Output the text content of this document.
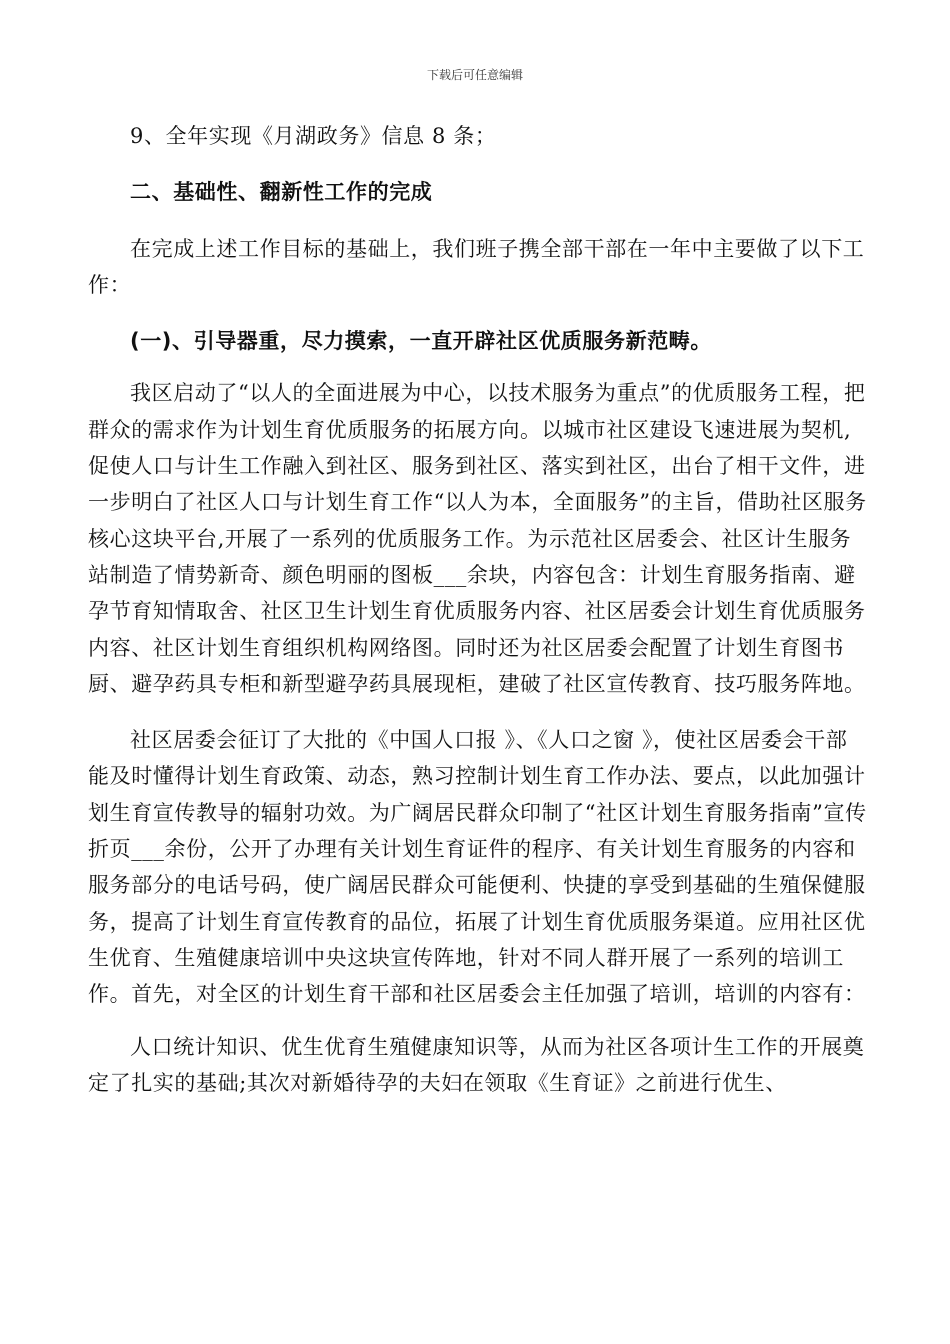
下载后可任意编辑

9、全年实现《月湖政务》信息 8 条；

二、基础性、翻新性工作的完成

在完成上述工作目标的基础上，我们班子携全部干部在一年中主要做了以下工作：

(一)、引导器重，尽力摸索，一直开辟社区优质服务新范畴。

我区启动了“以人的全面进展为中心，以技术服务为重点”的优质服务工程，把群众的需求作为计划生育优质服务的拓展方向。以城市社区建设飞速进展为契机,促使人口与计生工作融入到社区、服务到社区、落实到社区，出台了相干文件，进一步明白了社区人口与计划生育工作“以人为本，全面服务”的主旨，借助社区服务核心这块平台,开展了一系列的优质服务工作。为示范社区居委会、社区计生服务站制造了情势新奇、颜色明丽的图板___余块，内容包含：计划生育服务指南、避孕节育知情取舍、社区卫生计划生育优质服务内容、社区居委会计划生育优质服务内容、社区计划生育组织机构网络图。同时还为社区居委会配置了计划生育图书厨、避孕药具专柜和新型避孕药具展现柜，建破了社区宣传教育、技巧服务阵地。

社区居委会征订了大批的《中国人口报 》、《人口之窗 》，使社区居委会干部能及时懂得计划生育政策、动态，熟习控制计划生育工作办法、要点，以此加强计划生育宣传教导的辐射功效。为广阔居民群众印制了“社区计划生育服务指南”宣传折页___余份，公开了办理有关计划生育证件的程序、有关计划生育服务的内容和服务部分的电话号码，使广阔居民群众可能便利、快捷的享受到基础的生殖保健服务，提高了计划生育宣传教育的品位，拓展了计划生育优质服务渠道。应用社区优生优育、生殖健康培训中央这块宣传阵地，针对不同人群开展了一系列的培训工作。首先，对全区的计划生育干部和社区居委会主任加强了培训，培训的内容有：

人口统计知识、优生优育生殖健康知识等，从而为社区各项计生工作的开展奠定了扎实的基础;其次对新婚待孕的夫妇在领取《生育证》之前进行优生、
